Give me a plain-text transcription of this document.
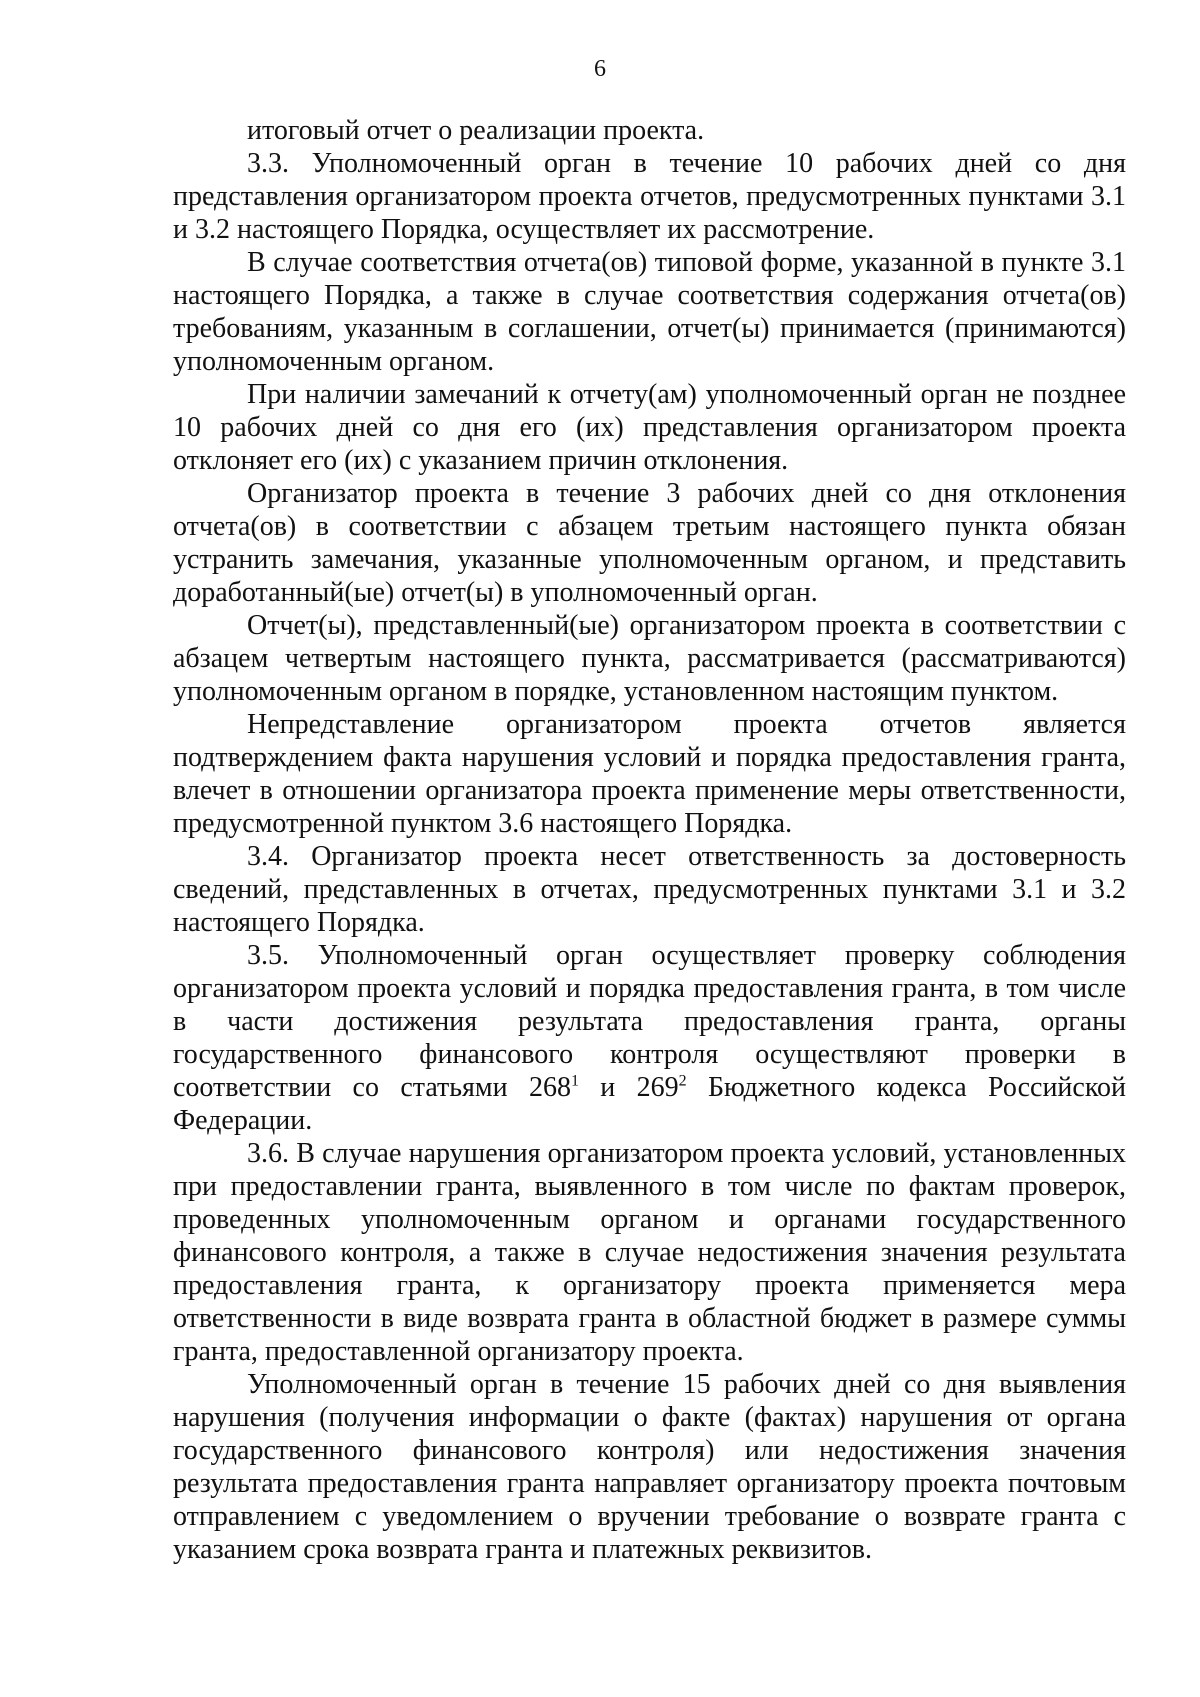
6

итоговый отчет о реализации проекта.

3.3. Уполномоченный орган в течение 10 рабочих дней со дня представления организатором проекта отчетов, предусмотренных пунктами 3.1 и 3.2 настоящего Порядка, осуществляет их рассмотрение.

В случае соответствия отчета(ов) типовой форме, указанной в пункте 3.1 настоящего Порядка, а также в случае соответствия содержания отчета(ов) требованиям, указанным в соглашении, отчет(ы) принимается (принимаются) уполномоченным органом.

При наличии замечаний к отчету(ам) уполномоченный орган не позднее 10 рабочих дней со дня его (их) представления организатором проекта отклоняет его (их) с указанием причин отклонения.

Организатор проекта в течение 3 рабочих дней со дня отклонения отчета(ов) в соответствии с абзацем третьим настоящего пункта обязан устранить замечания, указанные уполномоченным органом, и представить доработанный(ые) отчет(ы) в уполномоченный орган.

Отчет(ы), представленный(ые) организатором проекта в соответствии с абзацем четвертым настоящего пункта, рассматривается (рассматриваются) уполномоченным органом в порядке, установленном настоящим пунктом.

Непредставление организатором проекта отчетов является подтверждением факта нарушения условий и порядка предоставления гранта, влечет в отношении организатора проекта применение меры ответственности, предусмотренной пунктом 3.6 настоящего Порядка.

3.4. Организатор проекта несет ответственность за достоверность сведений, представленных в отчетах, предусмотренных пунктами 3.1 и 3.2 настоящего Порядка.

3.5. Уполномоченный орган осуществляет проверку соблюдения организатором проекта условий и порядка предоставления гранта, в том числе в части достижения результата предоставления гранта, органы государственного финансового контроля осуществляют проверки в соответствии со статьями $268^1$ и $269^2$ Бюджетного кодекса Российской Федерации.

3.6. В случае нарушения организатором проекта условий, установленных при предоставлении гранта, выявленного в том числе по фактам проверок, проведенных уполномоченным органом и органами государственного финансового контроля, а также в случае недостижения значения результата предоставления гранта, к организатору проекта применяется мера ответственности в виде возврата гранта в областной бюджет в размере суммы гранта, предоставленной организатору проекта.

Уполномоченный орган в течение 15 рабочих дней со дня выявления нарушения (получения информации о факте (фактах) нарушения от органа государственного финансового контроля) или недостижения значения результата предоставления гранта направляет организатору проекта почтовым отправлением с уведомлением о вручении требование о возврате гранта с указанием срока возврата гранта и платежных реквизитов.
